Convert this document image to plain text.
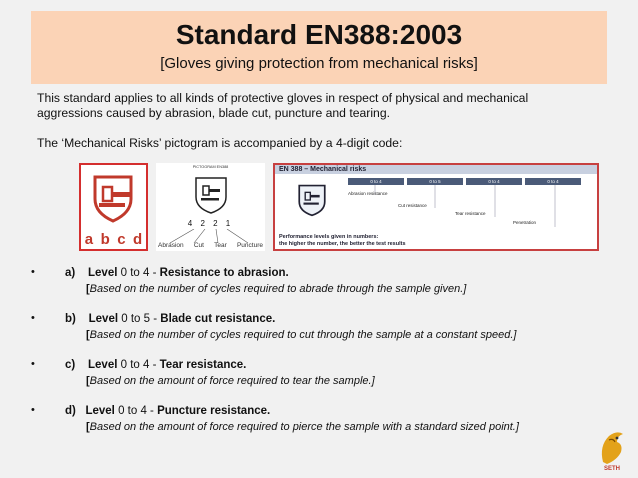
Standard EN388:2003
[Gloves giving protection from mechanical risks]
This standard applies to all kinds of protective gloves in respect of physical and mechanical aggressions caused by abrasion, blade cut, puncture and tearing.
The ‘Mechanical Risks’ pictogram is accompanied by a 4-digit code:
a b c d
PICTOGRAM EN388
4 2 2 1
Abrasion Cut Tear Puncture
EN 388 – Mechanical risks
0 to 4	0 to 5	0 to 4	0 to 4
Abrasion resistance
Cut resistance
Tear resistance
Penetration
Performance levels given in numbers:
the higher the number, the better the test results
•	a) Level 0 to 4 - Resistance to abrasion.
[Based on the number of cycles required to abrade through the sample given.]
•	b) Level 0 to 5 - Blade cut resistance.
[Based on the number of cycles required to cut through the sample at a constant speed.]
•	c) Level 0 to 4 - Tear resistance.
[Based on the amount of force required to tear the sample.]
•	d) Level 0 to 4 - Puncture resistance.
[Based on the amount of force required to pierce the sample with a standard sized point.]
SETH
